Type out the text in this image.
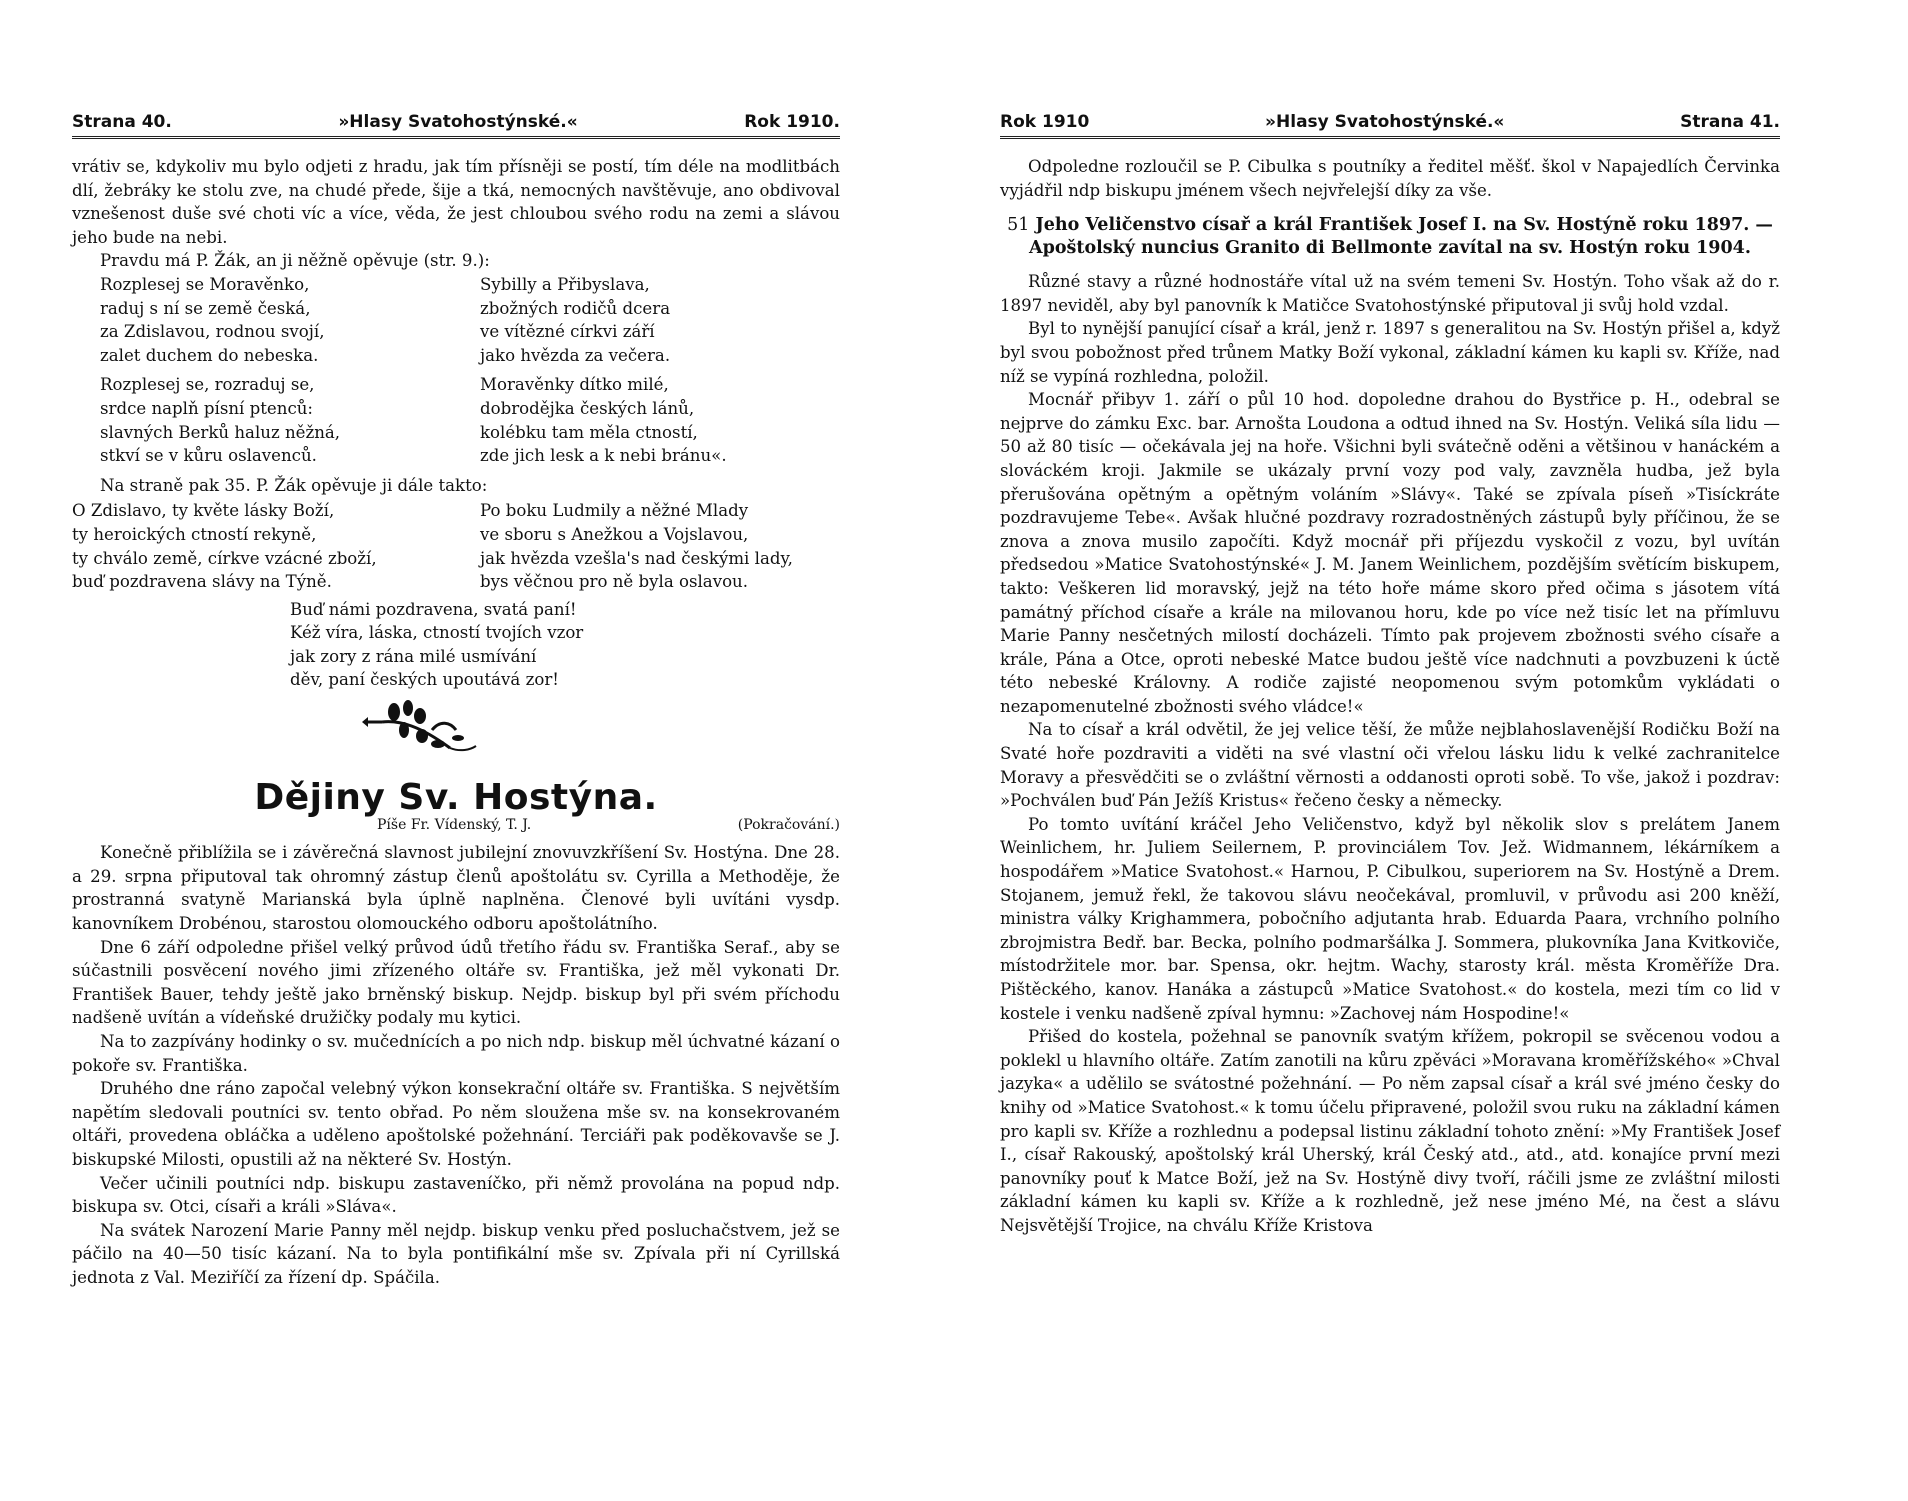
Strana 40.	»Hlasy Svatohostýnské.«	Rok 1910.

vrátiv se, kdykoliv mu bylo odjeti z hradu, jak tím přísněji se postí, tím déle na modlitbách dlí, žebráky ke stolu zve, na chudé přede, šije a tká, nemocných navštěvuje, ano obdivoval vznešenost duše své choti víc a více, věda, že jest chloubou svého rodu na zemi a slávou jeho bude na nebi.

Pravdu má P. Žák, an ji něžně opěvuje (str. 9.):

Rozplesej se Moravěnko,
raduj s ní se země česká,
za Zdislavou, rodnou svojí,
zalet duchem do nebeska.
Rozplesej se, rozraduj se,
srdce naplň písní ptenců:
slavných Berků haluz něžná,
stkví se v kůru oslavenců.
Sybilly a Přibyslava,
zbožných rodičů dcera
ve vítězné církvi září
jako hvězda za večera.
Moravěnky dítko milé,
dobrodějka českých lánů,
kolébku tam měla ctností,
zde jich lesk a k nebi bránu«.

Na straně pak 35. P. Žák opěvuje ji dále takto:

O Zdislavo, ty květe lásky Boží,
ty heroických ctností rekyně,
ty chválo země, církve vzácné zboží,
buď pozdravena slávy na Týně.
Po boku Ludmily a něžné Mlady
ve sboru s Anežkou a Vojslavou,
jak hvězda vzešla's nad českými lady,
bys věčnou pro ně byla oslavou.
Buď námi pozdravena, svatá paní!
Kéž víra, láska, ctností tvojích vzor
jak zory z rána milé usmívání
děv, paní českých upoutává zor!
Dějiny Sv. Hostýna.
Píše Fr. Vídenský, T. J.	(Pokračování.)

Konečně přiblížila se i závěrečná slavnost jubilejní znovuvzkříšení Sv. Hostýna. Dne 28. a 29. srpna připutoval tak ohromný zástup členů apoštolátu sv. Cyrilla a Methoděje, že prostranná svatyně Marianská byla úplně naplněna. Členové byli uvítáni vysdp. kanovníkem Drobénou, starostou olomouckého odboru apoštolátního.

Dne 6 září odpoledne přišel velký průvod údů třetího řádu sv. Františka Seraf., aby se súčastnili posvěcení nového jimi zřízeného oltáře sv. Františka, jež měl vykonati Dr. František Bauer, tehdy ještě jako brněnský biskup. Nejdp. biskup byl při svém příchodu nadšeně uvítán a vídeňské družičky podaly mu kytici.

Na to zazpívány hodinky o sv. mučednících a po nich ndp. biskup měl úchvatné kázaní o pokoře sv. Františka.

Druhého dne ráno započal velebný výkon konsekrační oltáře sv. Františka. S největším napětím sledovali poutníci sv. tento obřad. Po něm sloužena mše sv. na konsekrovaném oltáři, provedena obláčka a uděleno apoštolské požehnání. Terciáři pak poděkovavše se J. biskupské Milosti, opustili až na některé Sv. Hostýn.

Večer učinili poutníci ndp. biskupu zastaveníčko, při němž provolána na popud ndp. biskupa sv. Otci, císaři a králi »Sláva«.

Na svátek Narození Marie Panny měl nejdp. biskup venku před posluchačstvem, jež se páčilo na 40—50 tisíc kázaní. Na to byla pontifikální mše sv. Zpívala při ní Cyrillská jednota z Val. Meziříčí za řízení dp. Spáčila.

Rok 1910	»Hlasy Svatohostýnské.«	Strana 41.

Odpoledne rozloučil se P. Cibulka s poutníky a ředitel měšť. škol v Napajedlích Červinka vyjádřil ndp biskupu jménem všech nejvřelejší díky za vše.

51 Jeho Veličenstvo císař a král František Josef I. na Sv. Hostýně roku 1897. — Apoštolský nuncius Granito di Bellmonte zavítal na sv. Hostýn roku 1904.

Různé stavy a různé hodnostáře vítal už na svém temeni Sv. Hostýn. Toho však až do r. 1897 neviděl, aby byl panovník k Matičce Svatohostýnské připutoval ji svůj hold vzdal.

Byl to nynější panující císař a král, jenž r. 1897 s generalitou na Sv. Hostýn přišel a, když byl svou pobožnost před trůnem Matky Boží vykonal, základní kámen ku kapli sv. Kříže, nad níž se vypíná rozhledna, položil.

Mocnář přibyv 1. září o půl 10 hod. dopoledne drahou do Bystřice p. H., odebral se nejprve do zámku Exc. bar. Arnošta Loudona a odtud ihned na Sv. Hostýn. Veliká síla lidu — 50 až 80 tisíc — očekávala jej na hoře. Všichni byli svátečně oděni a většinou v hanáckém a slováckém kroji. Jakmile se ukázaly první vozy pod valy, zavzněla hudba, jež byla přerušována opětným a opětným voláním »Slávy«. Také se zpívala píseň »Tisíckráte pozdravujeme Tebe«. Avšak hlučné pozdravy rozradostněných zástupů byly příčinou, že se znova a znova musilo započíti. Když mocnář při příjezdu vyskočil z vozu, byl uvítán předsedou »Matice Svatohostýnské« J. M. Janem Weinlichem, pozdějším světícím biskupem, takto: Veškeren lid moravský, jejž na této hoře máme skoro před očima s jásotem vítá památný příchod císaře a krále na milovanou horu, kde po více než tisíc let na přímluvu Marie Panny nesčetných milostí docházeli. Tímto pak projevem zbožnosti svého císaře a krále, Pána a Otce, oproti nebeské Matce budou ještě více nadchnuti a povzbuzeni k úctě této nebeské Královny. A rodiče zajisté neopomenou svým potomkům vykládati o nezapomenutelné zbožnosti svého vládce!«

Na to císař a král odvětil, že jej velice těší, že může nejblahoslavenější Rodičku Boží na Svaté hoře pozdraviti a viděti na své vlastní oči vřelou lásku lidu k velké zachranitelce Moravy a přesvědčiti se o zvláštní věrnosti a oddanosti oproti sobě. To vše, jakož i pozdrav: »Pochválen buď Pán Ježíš Kristus« řečeno česky a německy.

Po tomto uvítání kráčel Jeho Veličenstvo, když byl několik slov s prelátem Janem Weinlichem, hr. Juliem Seilernem, P. provinciálem Tov. Jež. Widmannem, lékárníkem a hospodářem »Matice Svatohost.« Harnou, P. Cibulkou, superiorem na Sv. Hostýně a Drem. Stojanem, jemuž řekl, že takovou slávu neočekával, promluvil, v průvodu asi 200 kněží, ministra války Krighammera, pobočního adjutanta hrab. Eduarda Paara, vrchního polního zbrojmistra Bedř. bar. Becka, polního podmaršálka J. Sommera, plukovníka Jana Kvitkoviče, místodržitele mor. bar. Spensa, okr. hejtm. Wachy, starosty král. města Kroměříže Dra. Pištěckého, kanov. Hanáka a zástupců »Matice Svatohost.« do kostela, mezi tím co lid v kostele i venku nadšeně zpíval hymnu: »Zachovej nám Hospodine!«

Přišed do kostela, požehnal se panovník svatým křížem, pokropil se svěcenou vodou a poklekl u hlavního oltáře. Zatím zanotili na kůru zpěváci »Moravana kroměřížského« »Chval jazyka« a udělilo se svátostné požehnání. — Po něm zapsal císař a král své jméno česky do knihy od »Matice Svatohost.« k tomu účelu připravené, položil svou ruku na základní kámen pro kapli sv. Kříže a rozhlednu a podepsal listinu základní tohoto znění: »My František Josef I., císař Rakouský, apoštolský král Uherský, král Český atd., atd., atd. konajíce první mezi panovníky pouť k Matce Boží, jež na Sv. Hostýně divy tvoří, ráčili jsme ze zvláštní milosti základní kámen ku kapli sv. Kříže a k rozhledně, jež nese jméno Mé, na čest a slávu Nejsvětější Trojice, na chválu Kříže Kristova
